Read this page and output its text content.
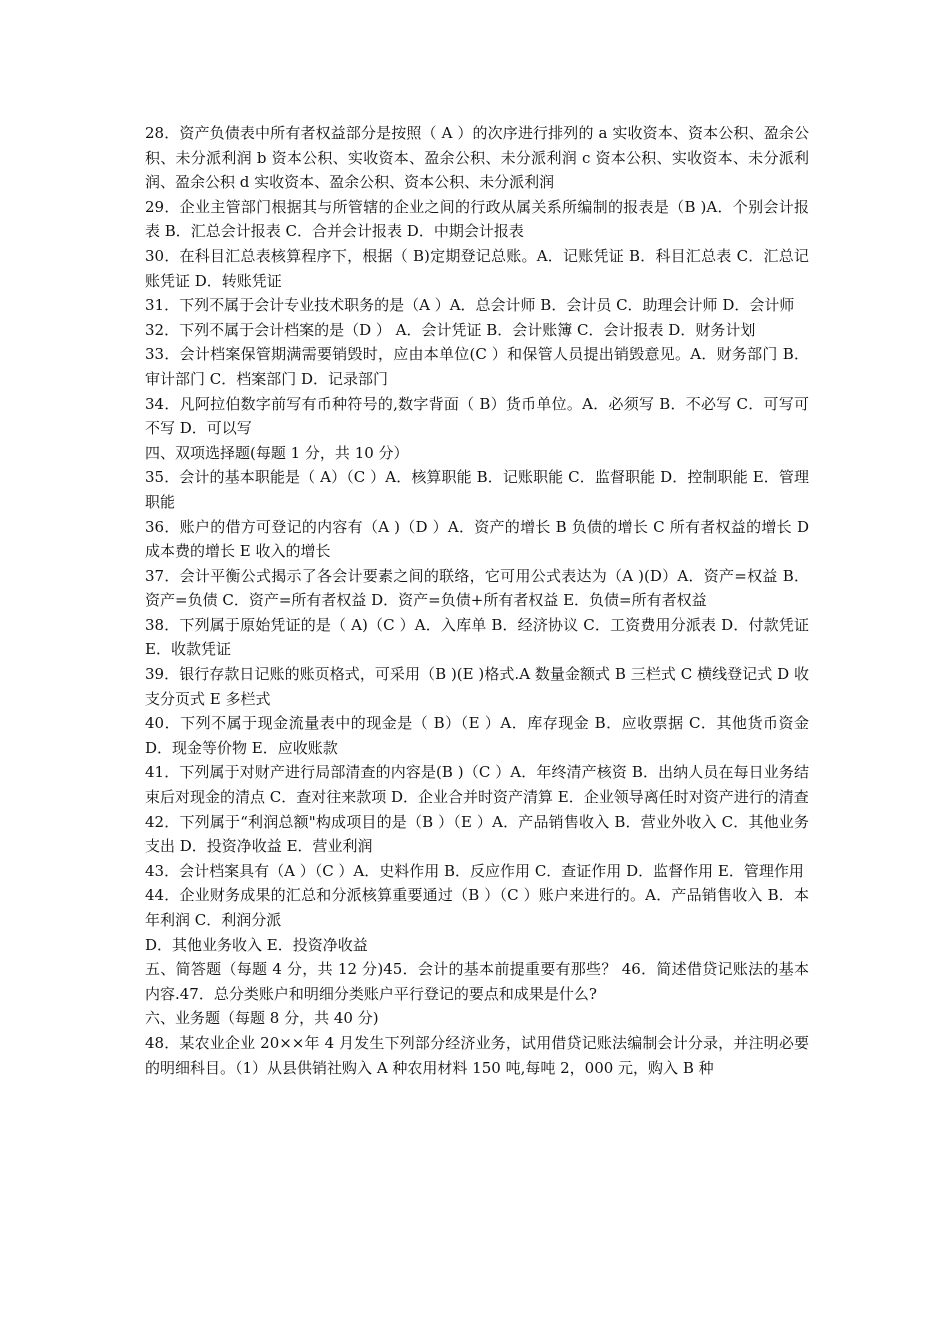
28．资产负债表中所有者权益部分是按照（ A ）的次序进行排列的 a 实收资本、资本公积、盈余公积、未分派利润 b 资本公积、实收资本、盈余公积、未分派利润 c 资本公积、实收资本、未分派利润、盈余公积 d 实收资本、盈余公积、资本公积、未分派利润

29．企业主管部门根据其与所管辖的企业之间的行政从属关系所编制的报表是（B )A．个别会计报表 B．汇总会计报表 C．合并会计报表 D．中期会计报表

30．在科目汇总表核算程序下，根据（ B)定期登记总账。A．记账凭证 B．科目汇总表 C．汇总记账凭证 D．转账凭证

31．下列不属于会计专业技术职务的是（A ）A．总会计师 B．会计员 C．助理会计师 D．会计师

32．下列不属于会计档案的是（D ） A．会计凭证 B．会计账簿 C．会计报表 D．财务计划

33．会计档案保管期满需要销毁时，应由本单位(C ）和保管人员提出销毁意见。A．财务部门 B．审计部门 C．档案部门 D．记录部门

34．凡阿拉伯数字前写有币种符号的,数字背面（ B）货币单位。A．必须写 B．不必写 C．可写可不写 D．可以写

四、双项选择题(每题 1 分，共 10 分）

35．会计的基本职能是（ A）（C ）A．核算职能 B．记账职能 C．监督职能 D．控制职能 E．管理职能

36．账户的借方可登记的内容有（A )（D ）A．资产的增长 B 负债的增长 C 所有者权益的增长 D 成本费的增长 E 收入的增长

37．会计平衡公式揭示了各会计要素之间的联络，它可用公式表达为（A )(D）A．资产=权益 B．资产=负债 C．资产=所有者权益 D．资产=负债+所有者权益 E．负债=所有者权益

38．下列属于原始凭证的是（ A)（C ）A．入库单 B．经济协议 C．工资费用分派表 D．付款凭证 E．收款凭证

39．银行存款日记账的账页格式，可采用（B )(E )格式.A 数量金额式 B 三栏式 C 横线登记式 D 收支分页式 E 多栏式

40．下列不属于现金流量表中的现金是（ B）（E ）A．库存现金 B．应收票据 C．其他货币资金 D．现金等价物 E．应收账款

41．下列属于对财产进行局部清查的内容是(B )（C ）A．年终清产核资 B．出纳人员在每日业务结束后对现金的清点 C．查对往来款项 D．企业合并时资产清算 E．企业领导离任时对资产进行的清查

42．下列属于“利润总额"构成项目的是（B ）（E ）A．产品销售收入 B．营业外收入 C．其他业务支出 D．投资净收益 E．营业利润

43．会计档案具有（A ）（C ）A．史料作用 B．反应作用 C．查证作用 D．监督作用 E．管理作用

44．企业财务成果的汇总和分派核算重要通过（B ）（C ）账户来进行的。A．产品销售收入 B．本年利润 C．利润分派

D．其他业务收入 E．投资净收益

五、简答题（每题 4 分，共 12 分)45．会计的基本前提重要有那些？ 46．简述借贷记账法的基本内容.47．总分类账户和明细分类账户平行登记的要点和成果是什么?

六、业务题（每题 8 分，共 40 分)

48．某农业企业 20××年 4 月发生下列部分经济业务，试用借贷记账法编制会计分录，并注明必要的明细科目。（1）从县供销社购入 A 种农用材料 150 吨,每吨 2，000 元，购入 B 种
